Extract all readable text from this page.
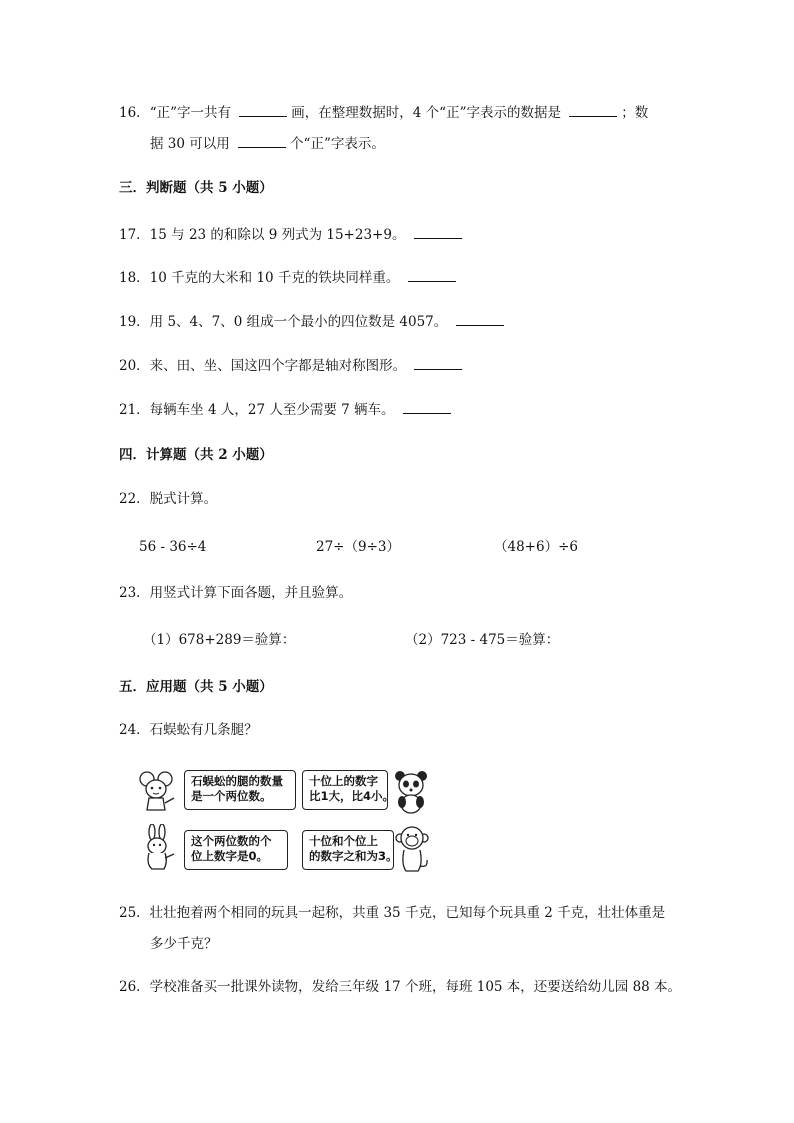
16．“正”字一共有	画，在整理数据时，4 个“正”字表示的数据是	；数
据 30 可以用	个“正”字表示。
三．判断题（共 5 小题）
17．15 与 23 的和除以 9 列式为 15+23+9。
18．10 千克的大米和 10 千克的铁块同样重。
19．用 5、4、7、0 组成一个最小的四位数是 4057。
20．来、田、坐、国这四个字都是轴对称图形。
21．每辆车坐 4 人，27 人至少需要 7 辆车。
四．计算题（共 2 小题）
22．脱式计算。
56 - 36÷4	27÷（9÷3）	（48+6）÷6
23．用竖式计算下面各题，并且验算。
（1）678+289＝验算：	（2）723 - 475＝验算：
五．应用题（共 5 小题）
24．石蜈蚣有几条腿？
石蜈蚣的腿的数量
是一个两位数。
十位上的数字
比1大，比4小。
这个两位数的个
位上数字是0。
十位和个位上
的数字之和为3。
25．壮壮抱着两个相同的玩具一起称，共重 35 千克，已知每个玩具重 2 千克，壮壮体重是
多少千克？
26．学校准备买一批课外读物，发给三年级 17 个班，每班 105 本，还要送给幼儿园 88 本。
